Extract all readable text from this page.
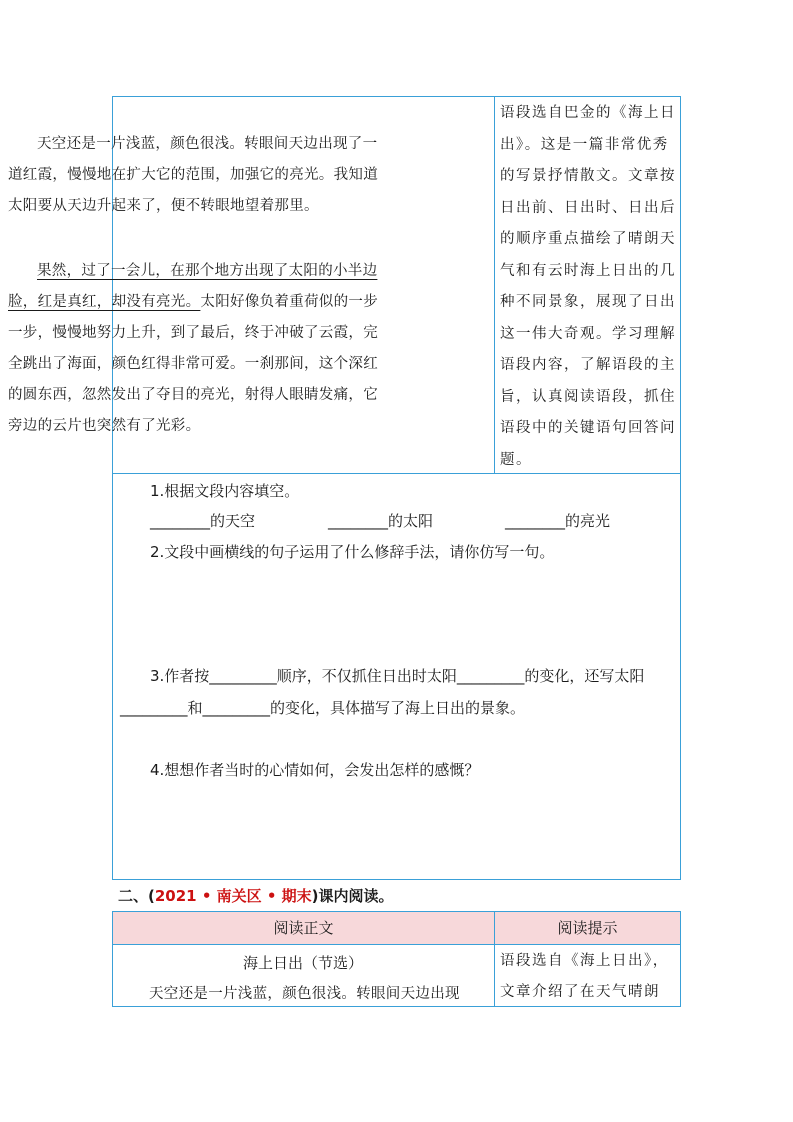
天空还是一片浅蓝，颜色很浅。转眼间天边出现了一道红霞，慢慢地在扩大它的范围，加强它的亮光。我知道太阳要从天边升起来了，便不转眼地望着那里。
果然，过了一会儿，在那个地方出现了太阳的小半边脸，红是真红，却没有亮光。太阳好像负着重荷似的一步一步，慢慢地努力上升，到了最后，终于冲破了云霞，完全跳出了海面，颜色红得非常可爱。一刹那间，这个深红的圆东西，忽然发出了夺目的亮光，射得人眼睛发痛，它旁边的云片也突然有了光彩。
语段选自巴金的《海上日出》。这是一篇非常优秀的写景抒情散文。文章按日出前、日出时、日出后的顺序重点描绘了晴朗天气和有云时海上日出的几种不同景象，展现了日出这一伟大奇观。学习理解语段内容，了解语段的主旨，认真阅读语段，抓住语段中的关键语句回答问题。
1.根据文段内容填空。
________的天空	________的太阳	________的亮光
2.文段中画横线的句子运用了什么修辞手法，请你仿写一句。
3.作者按_________顺序，不仅抓住日出时太阳_________的变化，还写太阳_________和_________的变化，具体描写了海上日出的景象。
4.想想作者当时的心情如何，会发出怎样的感慨？
二、(2021 • 南关区 • 期末)课内阅读。
阅读正文	阅读提示
海上日出（节选）
天空还是一片浅蓝，颜色很浅。转眼间天边出现
语段选自《海上日出》，文章介绍了在天气晴朗
